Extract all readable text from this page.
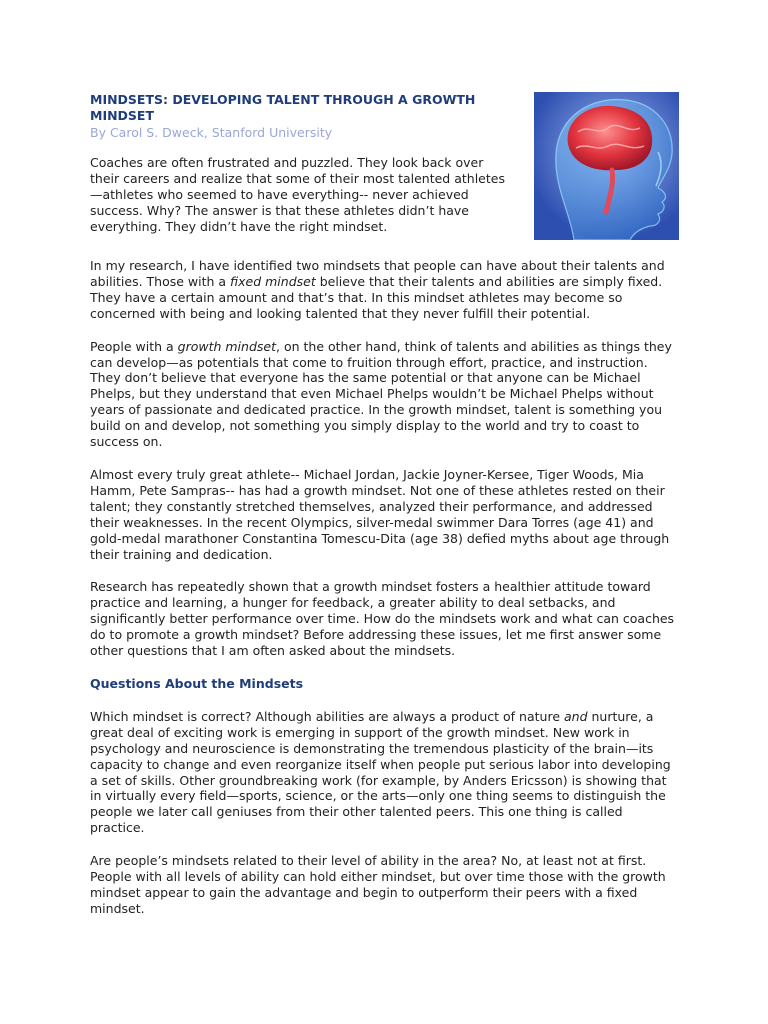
MINDSETS: DEVELOPING TALENT THROUGH A GROWTH MINDSET
By Carol S. Dweck, Stanford University

Coaches are often frustrated and puzzled. They look back over their careers and realize that some of their most talented athletes—athletes who seemed to have everything-- never achieved success. Why? The answer is that these athletes didn’t have everything. They didn’t have the right mindset.

In my research, I have identified two mindsets that people can have about their talents and abilities. Those with a fixed mindset believe that their talents and abilities are simply fixed. They have a certain amount and that’s that. In this mindset athletes may become so concerned with being and looking talented that they never fulfill their potential.

People with a growth mindset, on the other hand, think of talents and abilities as things they can develop—as potentials that come to fruition through effort, practice, and instruction. They don’t believe that everyone has the same potential or that anyone can be Michael Phelps, but they understand that even Michael Phelps wouldn’t be Michael Phelps without years of passionate and dedicated practice. In the growth mindset, talent is something you build on and develop, not something you simply display to the world and try to coast to success on.

Almost every truly great athlete-- Michael Jordan, Jackie Joyner-Kersee, Tiger Woods, Mia Hamm, Pete Sampras-- has had a growth mindset. Not one of these athletes rested on their talent; they constantly stretched themselves, analyzed their performance, and addressed their weaknesses. In the recent Olympics, silver-medal swimmer Dara Torres (age 41) and gold-medal marathoner Constantina Tomescu-Dita (age 38) defied myths about age through their training and dedication.

Research has repeatedly shown that a growth mindset fosters a healthier attitude toward practice and learning, a hunger for feedback, a greater ability to deal setbacks, and significantly better performance over time. How do the mindsets work and what can coaches do to promote a growth mindset? Before addressing these issues, let me first answer some other questions that I am often asked about the mindsets.

Questions About the Mindsets

Which mindset is correct? Although abilities are always a product of nature and nurture, a great deal of exciting work is emerging in support of the growth mindset. New work in psychology and neuroscience is demonstrating the tremendous plasticity of the brain—its capacity to change and even reorganize itself when people put serious labor into developing a set of skills. Other groundbreaking work (for example, by Anders Ericsson) is showing that in virtually every field—sports, science, or the arts—only one thing seems to distinguish the people we later call geniuses from their other talented peers. This one thing is called practice.

Are people’s mindsets related to their level of ability in the area? No, at least not at first. People with all levels of ability can hold either mindset, but over time those with the growth mindset appear to gain the advantage and begin to outperform their peers with a fixed mindset.
